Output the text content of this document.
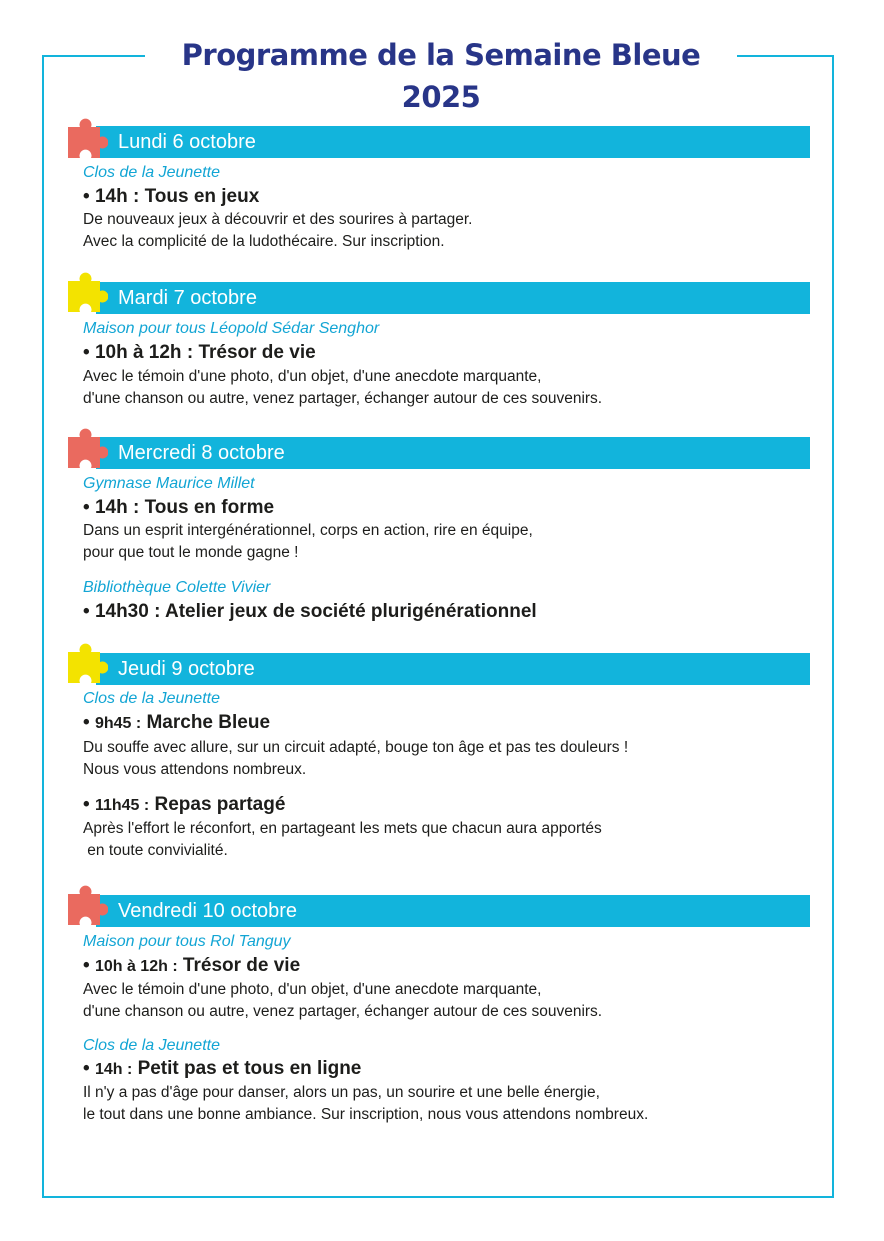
Programme de la Semaine Bleue 2025
Lundi 6 octobre
Clos de la Jeunette
• 14h : Tous en jeux
De nouveaux jeux à découvrir et des sourires à partager.
Avec la complicité de la ludothécaire. Sur inscription.
Mardi 7 octobre
Maison pour tous Léopold Sédar Senghor
• 10h à 12h : Trésor de vie
Avec le témoin d'une photo, d'un objet, d'une anecdote marquante,
d'une chanson ou autre, venez partager, échanger autour de ces souvenirs.
Mercredi 8 octobre
Gymnase Maurice Millet
• 14h : Tous en forme
Dans un esprit intergénérationnel, corps en action, rire en équipe,
pour que tout le monde gagne !
Bibliothèque Colette Vivier
• 14h30 : Atelier jeux de société plurigénérationnel
Jeudi 9 octobre
Clos de la Jeunette
• 9h45 : Marche Bleue
Du souffe avec allure, sur un circuit adapté, bouge ton âge et pas tes douleurs !
Nous vous attendons nombreux.
• 11h45 : Repas partagé
Après l'effort le réconfort, en partageant les mets que chacun aura apportés
en toute convivialité.
Vendredi 10 octobre
Maison pour tous Rol Tanguy
• 10h à 12h : Trésor de vie
Avec le témoin d'une photo, d'un objet, d'une anecdote marquante,
d'une chanson ou autre, venez partager, échanger autour de ces souvenirs.
Clos de la Jeunette
• 14h : Petit pas et tous en ligne
Il n'y a pas d'âge pour danser, alors un pas, un sourire et une belle énergie,
le tout dans une bonne ambiance. Sur inscription, nous vous attendons nombreux.
